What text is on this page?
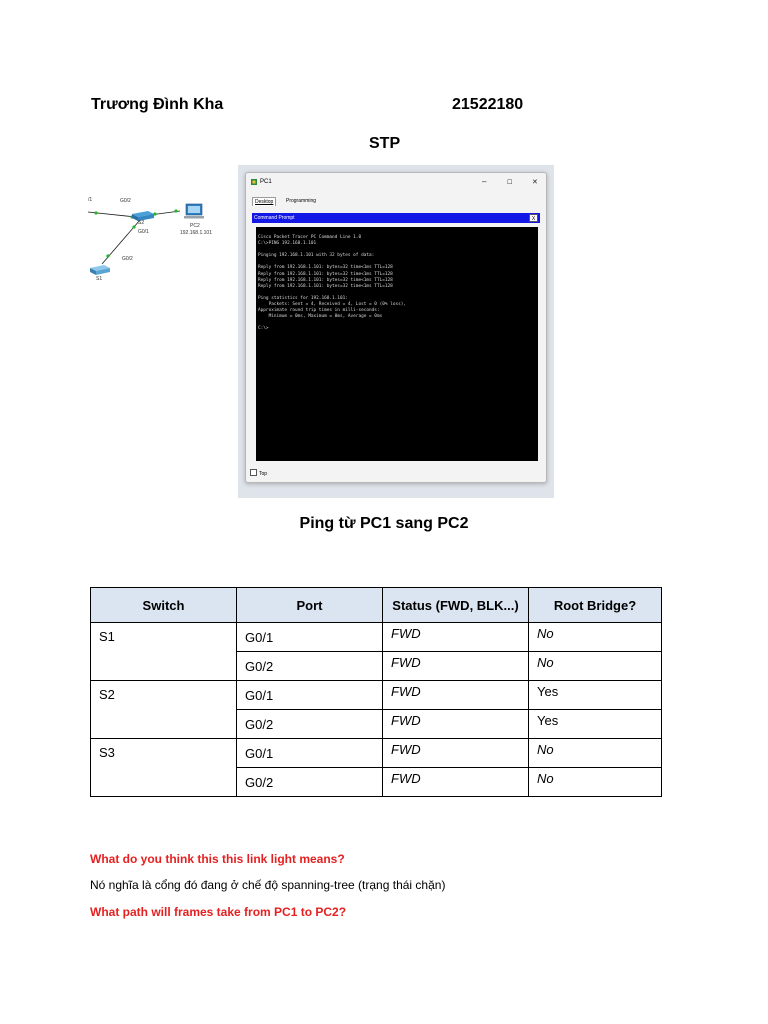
Trương Đình Kha	21522180
STP
/1	G0/2
S2
G0/1
G0/2
S1
PC2
192.168.1.101
PC1	–	☐	✕
Desktop	Programming
Command Prompt	X
Cisco Packet Tracer PC Command Line 1.0
C:\>PING 192.168.1.101

Pinging 192.168.1.101 with 32 bytes of data:

Reply from 192.168.1.101: bytes=32 time<1ms TTL=128
Reply from 192.168.1.101: bytes=32 time<1ms TTL=128
Reply from 192.168.1.101: bytes=32 time<1ms TTL=128
Reply from 192.168.1.101: bytes=32 time<1ms TTL=128

Ping statistics for 192.168.1.101:
Packets: Sent = 4, Received = 4, Lost = 0 (0% loss),
Approximate round trip times in milli-seconds:
Minimum = 0ms, Maximum = 0ms, Average = 0ms

C:\>
Top
Ping từ PC1 sang PC2
Switch	Port	Status (FWD, BLK...)	Root Bridge?
S1	G0/1	FWD	No
	G0/2	FWD	No
S2	G0/1	FWD	Yes
	G0/2	FWD	Yes
S3	G0/1	FWD	No
	G0/2	FWD	No
What do you think this this link light means?
Nó nghĩa là cổng đó đang ở chế độ spanning-tree (trạng thái chặn)
What path will frames take from PC1 to PC2?
